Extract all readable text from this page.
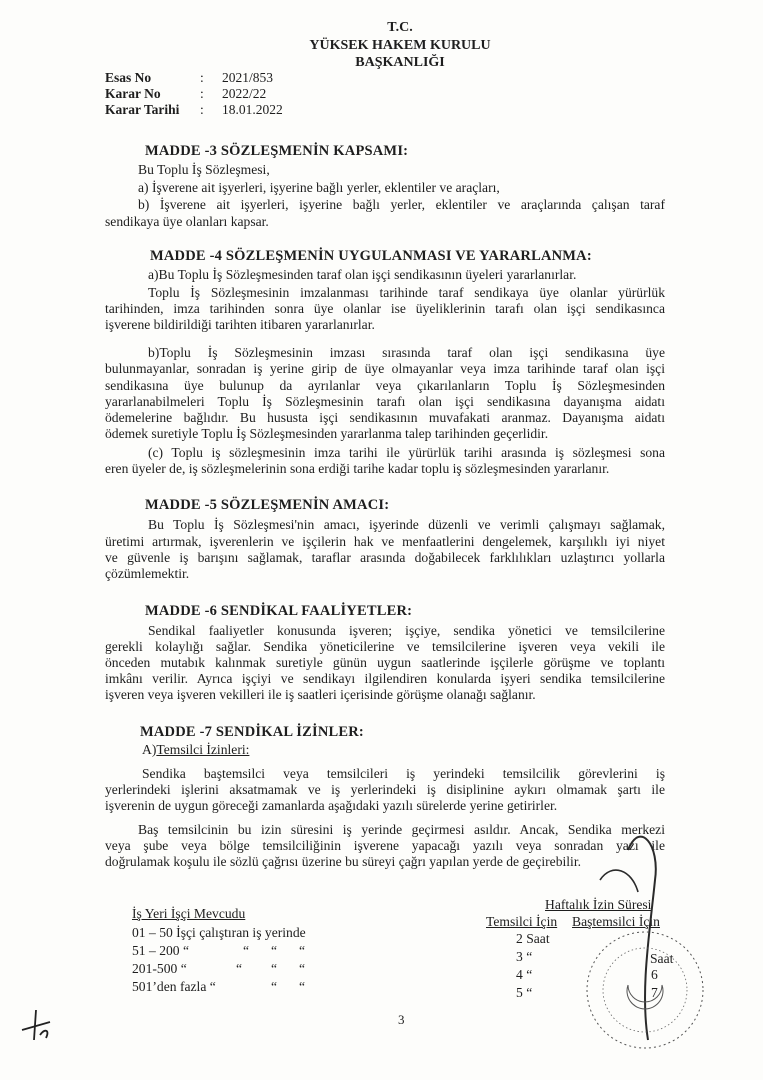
T.C.
YÜKSEK HAKEM KURULU
BAŞKANLIĞI
Esas No	: 2021/853
Karar No	: 2022/22
Karar Tarihi : 18.01.2022
MADDE -3 SÖZLEŞMENİN KAPSAMI:
Bu Toplu İş Sözleşmesi,
a) İşverene ait işyerleri, işyerine bağlı yerler, eklentiler ve araçları,
b) İşverene ait işyerleri, işyerine bağlı yerler, eklentiler ve araçlarında çalışan taraf
sendikaya üye olanları kapsar.
MADDE -4 SÖZLEŞMENİN UYGULANMASI VE YARARLANMA:
a)Bu Toplu İş Sözleşmesinden taraf olan işçi sendikasının üyeleri yararlanırlar.
Toplu İş Sözleşmesinin imzalanması tarihinde taraf sendikaya üye olanlar yürürlük
tarihinden, imza tarihinden sonra üye olanlar ise üyeliklerinin tarafı olan işçi sendikasınca
işverene bildirildiği tarihten itibaren yararlanırlar.
b)Toplu İş Sözleşmesinin imzası sırasında taraf olan işçi sendikasına üye
bulunmayanlar, sonradan iş yerine girip de üye olmayanlar veya imza tarihinde taraf olan işçi
sendikasına üye bulunup da ayrılanlar veya çıkarılanların Toplu İş Sözleşmesinden
yararlanabilmeleri Toplu İş Sözleşmesinin tarafı olan işçi sendikasına dayanışma aidatı
ödemelerine bağlıdır. Bu hususta işçi sendikasının muvafakati aranmaz. Dayanışma aidatı
ödemek suretiyle Toplu İş Sözleşmesinden yararlanma talep tarihinden geçerlidir.
(c) Toplu iş sözleşmesinin imza tarihi ile yürürlük tarihi arasında iş sözleşmesi sona
eren üyeler de, iş sözleşmelerinin sona erdiği tarihe kadar toplu iş sözleşmesinden yararlanır.
MADDE -5 SÖZLEŞMENİN AMACI:
Bu Toplu İş Sözleşmesi'nin amacı, işyerinde düzenli ve verimli çalışmayı sağlamak,
üretimi artırmak, işverenlerin ve işçilerin hak ve menfaatlerini dengelemek, karşılıklı iyi niyet
ve güvenle iş barışını sağlamak, taraflar arasında doğabilecek farklılıkları uzlaştırıcı yollarla
çözümlemektir.
MADDE -6 SENDİKAL FAALİYETLER:
Sendikal faaliyetler konusunda işveren; işçiye, sendika yönetici ve temsilcilerine
gerekli kolaylığı sağlar. Sendika yöneticilerine ve temsilcilerine işveren veya vekili ile
önceden mutabık kalınmak suretiyle günün uygun saatlerinde işçilerle görüşme ve toplantı
imkânı verilir. Ayrıca işçiyi ve sendikayı ilgilendiren konularda işyeri sendika temsilcilerine
işveren veya işveren vekilleri ile iş saatleri içerisinde görüşme olanağı sağlanır.
MADDE -7 SENDİKAL İZİNLER:
A)Temsilci İzinleri:
Sendika baştemsilci veya temsilcileri iş yerindeki temsilcilik görevlerini iş
yerlerindeki işlerini aksatmamak ve iş yerlerindeki iş disiplinine aykırı olmamak şartı ile
işverenin de uygun göreceği zamanlarda aşağıdaki yazılı sürelerde yerine getirirler.
Baş temsilcinin bu izin süresini iş yerinde geçirmesi asıldır. Ancak, Sendika merkezi
veya şube veya bölge temsilciliğinin işverene yapacağı yazılı veya sonradan yazı ile
doğrulamak koşulu ile sözlü çağrısı üzerine bu süreyi çağrı yapılan yerde de geçirebilir.
İş Yeri İşçi Mevcudu
01 – 50 İşçi çalıştıran iş yerinde
51 – 200 “
201-500 “
501’den fazla “
“ “ “
“ “ “
“ “
Haftalık İzin Süresi
Temsilci İçin Baştemsilci İçin
2 Saat
3 “
4 “
5 “
Saat
6
7
3
